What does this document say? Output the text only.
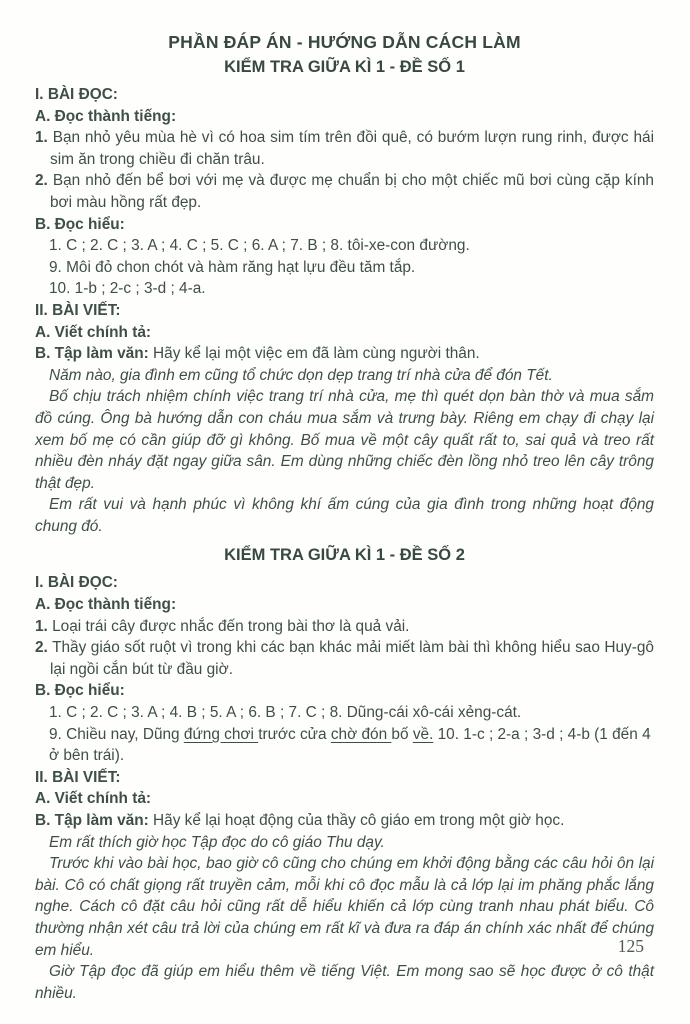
PHẦN ĐÁP ÁN - HƯỚNG DẪN CÁCH LÀM
KIỂM TRA GIỮA KÌ 1 - ĐỀ SỐ 1

I. BÀI ĐỌC:

A. Đọc thành tiếng:

1. Bạn nhỏ yêu mùa hè vì có hoa sim tím trên đồi quê, có bướm lượn rung rinh, được hái sim ăn trong chiều đi chăn trâu.

2. Bạn nhỏ đến bể bơi với mẹ và được mẹ chuẩn bị cho một chiếc mũ bơi cùng cặp kính bơi màu hồng rất đẹp.

B. Đọc hiểu:

1. C ; 2. C ; 3. A ; 4. C ; 5. C ; 6. A ; 7. B ; 8. tôi-xe-con đường.

9. Môi đỏ chon chót và hàm răng hạt lựu đều tăm tắp.

10. 1-b ; 2-c ; 3-d ; 4-a.

II. BÀI VIẾT:

A. Viết chính tả:

B. Tập làm văn: Hãy kể lại một việc em đã làm cùng người thân.

Năm nào, gia đình em cũng tổ chức dọn dẹp trang trí nhà cửa để đón Tết.

Bố chịu trách nhiệm chính việc trang trí nhà cửa, mẹ thì quét dọn bàn thờ và mua sắm đồ cúng. Ông bà hướng dẫn con cháu mua sắm và trưng bày. Riêng em chạy đi chạy lại xem bố mẹ có cần giúp đỡ gì không. Bố mua về một cây quất rất to, sai quả và treo rất nhiều đèn nháy đặt ngay giữa sân. Em dùng những chiếc đèn lồng nhỏ treo lên cây trông thật đẹp.

Em rất vui và hạnh phúc vì không khí ấm cúng của gia đình trong những hoạt động chung đó.

KIỂM TRA GIỮA KÌ 1 - ĐỀ SỐ 2

I. BÀI ĐỌC:

A. Đọc thành tiếng:

1. Loại trái cây được nhắc đến trong bài thơ là quả vải.

2. Thầy giáo sốt ruột vì trong khi các bạn khác mải miết làm bài thì không hiểu sao Huy-gô lại ngồi cắn bút từ đầu giờ.

B. Đọc hiểu:

1. C ; 2. C ; 3. A ; 4. B ; 5. A ; 6. B ; 7. C ; 8. Dũng-cái xô-cái xẻng-cát.

9. Chiều nay, Dũng đứng chơi trước cửa chờ đón bố về. 10. 1-c ; 2-a ; 3-d ; 4-b (1 đến 4 ở bên trái).

II. BÀI VIẾT:

A. Viết chính tả:

B. Tập làm văn: Hãy kể lại hoạt động của thầy cô giáo em trong một giờ học.

Em rất thích giờ học Tập đọc do cô giáo Thu dạy.

Trước khi vào bài học, bao giờ cô cũng cho chúng em khởi động bằng các câu hỏi ôn lại bài. Cô có chất giọng rất truyền cảm, mỗi khi cô đọc mẫu là cả lớp lại im phăng phắc lắng nghe. Cách cô đặt câu hỏi cũng rất dễ hiểu khiến cả lớp cùng tranh nhau phát biểu. Cô thường nhận xét câu trả lời của chúng em rất kĩ và đưa ra đáp án chính xác nhất để chúng em hiểu.

Giờ Tập đọc đã giúp em hiểu thêm về tiếng Việt. Em mong sao sẽ học được ở cô thật nhiều.

125
